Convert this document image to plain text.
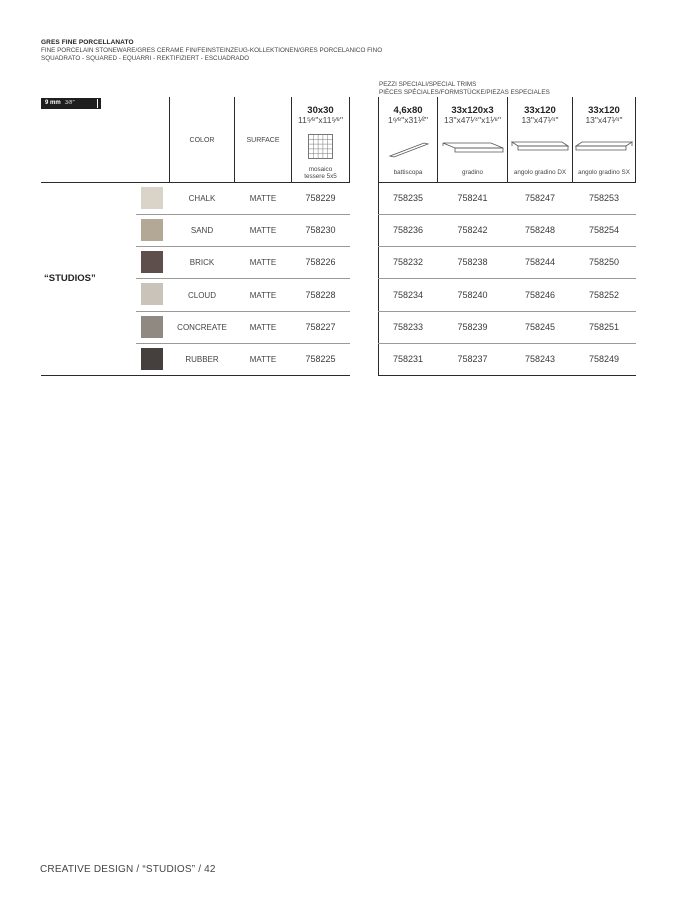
GRES FINE PORCELLANATO
FINE PORCELAIN STONEWARE/GRES CERAME FIN/FEINSTEINZEUG-KOLLEKTIONEN/GRES PORCELANICO FINO
SQUADRATO - SQUARED - EQUARRI - REKTIFIZIERT - ESCUADRADO
PEZZI SPECIALI/SPECIAL TRIMS
PIÈCES SPÉCIALES/FORMSTÜCKE/PIEZAS ESPECIALES
9 mm 3/8"
COLOR	SURFACE
30x30
11⁵⁄⁸"x11⁵⁄⁸"
mosaico
tessere 5x5
4,6x80
1⁶⁄⁸"x31¹⁄²"
battiscopa
33x120x3
13"x47¹⁄⁴"x1¹⁄⁸"
gradino
33x120
13"x47¹⁄⁴"
angolo gradino DX
33x120
13"x47¹⁄⁴"
angolo gradino SX
“STUDIOS”
CHALK	MATTE	758229	758235	758241	758247	758253
SAND	MATTE	758230	758236	758242	758248	758254
BRICK	MATTE	758226	758232	758238	758244	758250
CLOUD	MATTE	758228	758234	758240	758246	758252
CONCREATE	MATTE	758227	758233	758239	758245	758251
RUBBER	MATTE	758225	758231	758237	758243	758249
CREATIVE DESIGN / “STUDIOS” / 42
